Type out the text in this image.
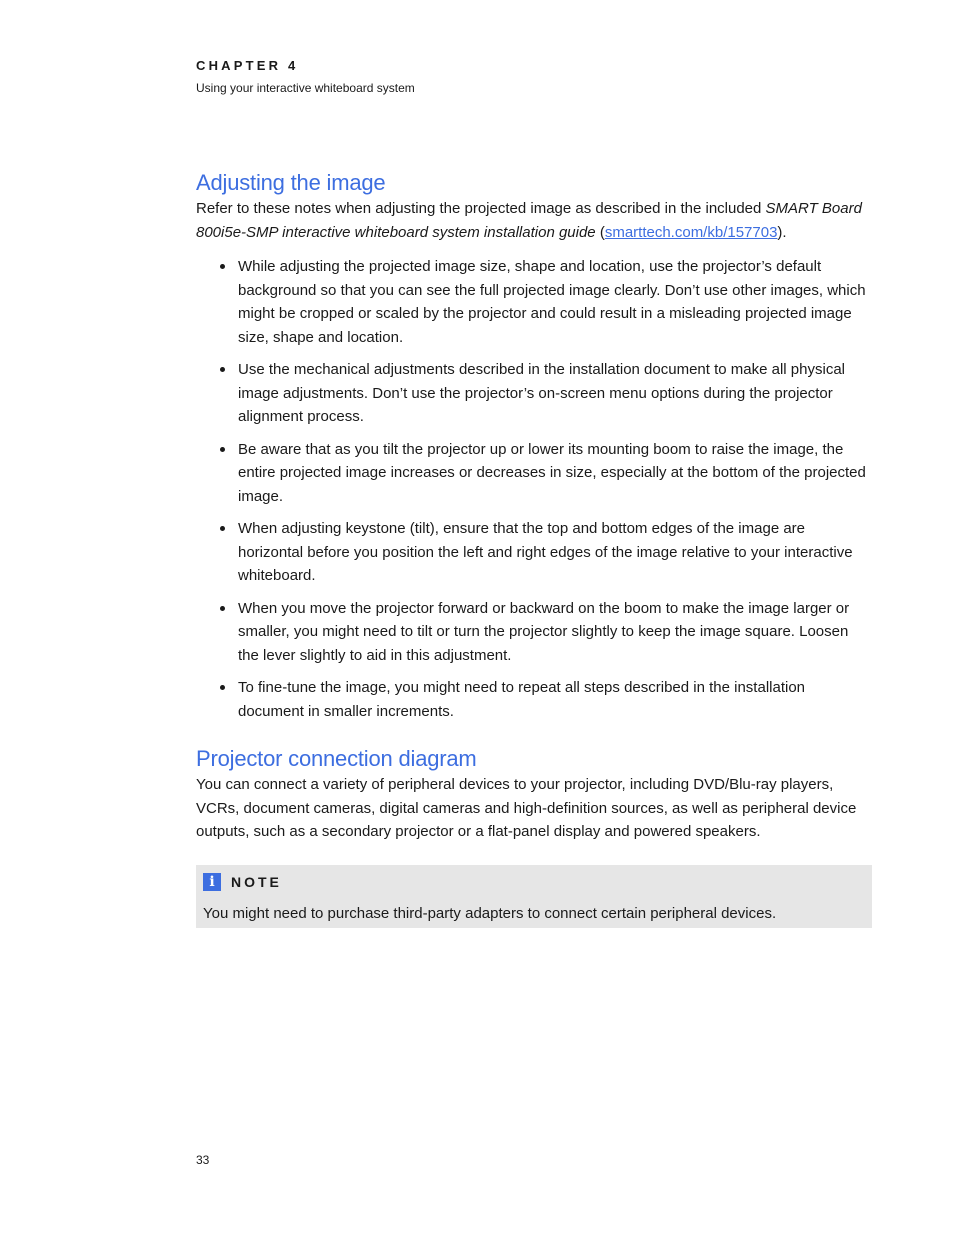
CHAPTER 4
Using your interactive whiteboard system
Adjusting the image

Refer to these notes when adjusting the projected image as described in the included SMART Board 800i5e-SMP interactive whiteboard system installation guide (smarttech.com/kb/157703).

While adjusting the projected image size, shape and location, use the projector’s default background so that you can see the full projected image clearly. Don’t use other images, which might be cropped or scaled by the projector and could result in a misleading projected image size, shape and location.
Use the mechanical adjustments described in the installation document to make all physical image adjustments. Don’t use the projector’s on-screen menu options during the projector alignment process.
Be aware that as you tilt the projector up or lower its mounting boom to raise the image, the entire projected image increases or decreases in size, especially at the bottom of the projected image.
When adjusting keystone (tilt), ensure that the top and bottom edges of the image are horizontal before you position the left and right edges of the image relative to your interactive whiteboard.
When you move the projector forward or backward on the boom to make the image larger or smaller, you might need to tilt or turn the projector slightly to keep the image square. Loosen the lever slightly to aid in this adjustment.
To fine-tune the image, you might need to repeat all steps described in the installation document in smaller increments.
Projector connection diagram

You can connect a variety of peripheral devices to your projector, including DVD/Blu-ray players, VCRs, document cameras, digital cameras and high-definition sources, as well as peripheral device outputs, such as a secondary projector or a flat-panel display and powered speakers.

i	NOTE
You might need to purchase third-party adapters to connect certain peripheral devices.
33
